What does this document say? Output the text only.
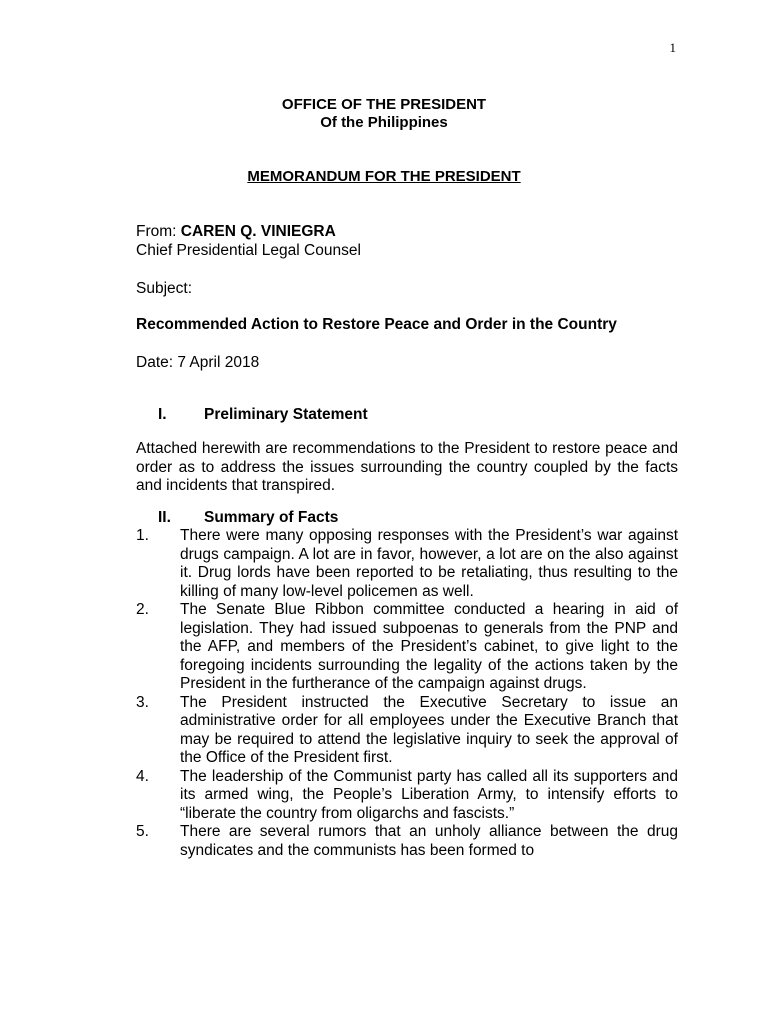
1
OFFICE OF THE PRESIDENT
Of the Philippines
MEMORANDUM FOR THE PRESIDENT
From: CAREN Q. VINIEGRA
Chief Presidential Legal Counsel
Subject:
Recommended Action to Restore Peace and Order in the Country
Date: 7 April 2018
I. Preliminary Statement
Attached herewith are recommendations to the President to restore peace and order as to address the issues surrounding the country coupled by the facts and incidents that transpired.
II. Summary of Facts
1. There were many opposing responses with the President’s war against drugs campaign. A lot are in favor, however, a lot are on the also against it. Drug lords have been reported to be retaliating, thus resulting to the killing of many low-level policemen as well.
2. The Senate Blue Ribbon committee conducted a hearing in aid of legislation. They had issued subpoenas to generals from the PNP and the AFP, and members of the President’s cabinet, to give light to the foregoing incidents surrounding the legality of the actions taken by the President in the furtherance of the campaign against drugs.
3. The President instructed the Executive Secretary to issue an administrative order for all employees under the Executive Branch that may be required to attend the legislative inquiry to seek the approval of the Office of the President first.
4. The leadership of the Communist party has called all its supporters and its armed wing, the People’s Liberation Army, to intensify efforts to “liberate the country from oligarchs and fascists.”
5. There are several rumors that an unholy alliance between the drug syndicates and the communists has been formed to
